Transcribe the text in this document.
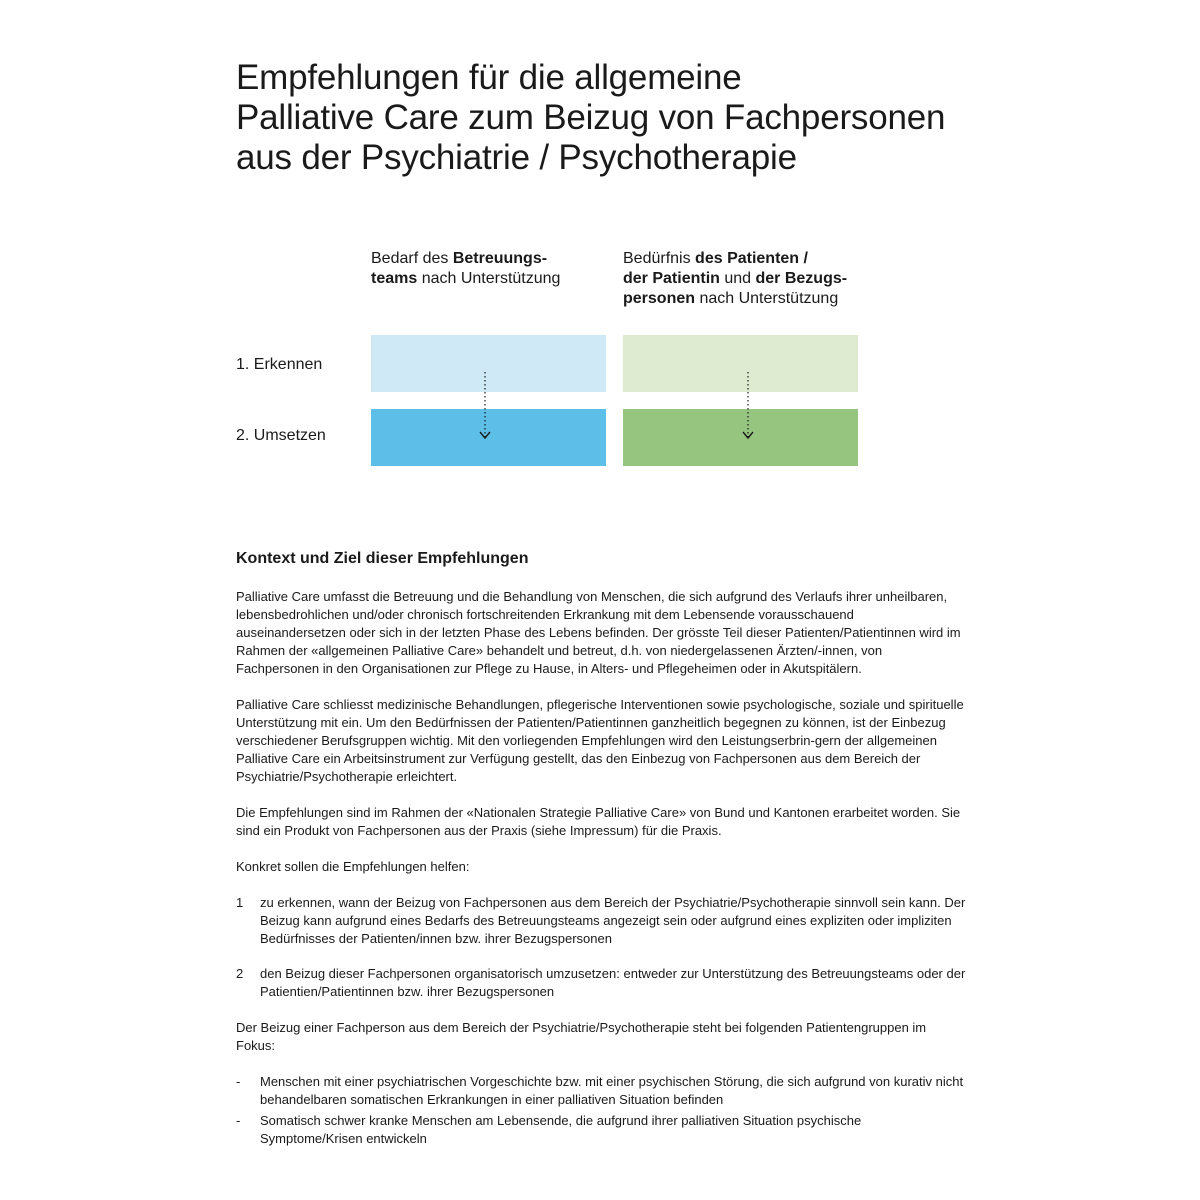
Empfehlungen für die allgemeine
Palliative Care zum Beizug von Fachpersonen
aus der Psychiatrie / Psychotherapie
Bedarf des Betreuungs-
teams nach Unterstützung
Bedürfnis des Patienten /
der Patientin und der Bezugs-
personen nach Unterstützung
1. Erkennen
2. Umsetzen
Kontext und Ziel dieser Empfehlungen

Palliative Care umfasst die Betreuung und die Behandlung von Menschen, die sich aufgrund des Verlaufs ihrer unheilbaren, lebensbedrohlichen und/oder chronisch fortschreitenden Erkrankung mit dem Lebensende vorausschauend auseinandersetzen oder sich in der letzten Phase des Lebens befinden. Der grösste Teil dieser Patienten/Patientinnen wird im Rahmen der «allgemeinen Palliative Care» behandelt und betreut, d.h. von niedergelassenen Ärzten/-innen, von Fachpersonen in den Organisationen zur Pflege zu Hause, in Alters- und Pflegeheimen oder in Akutspitälern.

Palliative Care schliesst medizinische Behandlungen, pflegerische Interventionen sowie psychologische, soziale und spirituelle Unterstützung mit ein. Um den Bedürfnissen der Patienten/Patientinnen ganzheitlich begegnen zu können, ist der Einbezug verschiedener Berufsgruppen wichtig. Mit den vorliegenden Empfehlungen wird den Leistungserbrin-gern der allgemeinen Palliative Care ein Arbeitsinstrument zur Verfügung gestellt, das den Einbezug von Fachpersonen aus dem Bereich der Psychiatrie/Psychotherapie erleichtert.

Die Empfehlungen sind im Rahmen der «Nationalen Strategie Palliative Care» von Bund und Kantonen erarbeitet worden. Sie sind ein Produkt von Fachpersonen aus der Praxis (siehe Impressum) für die Praxis.

Konkret sollen die Empfehlungen helfen:

1 zu erkennen, wann der Beizug von Fachpersonen aus dem Bereich der Psychiatrie/Psychotherapie sinnvoll sein kann. Der Beizug kann aufgrund eines Bedarfs des Betreuungsteams angezeigt sein oder aufgrund eines expliziten oder impliziten Bedürfnisses der Patienten/innen bzw. ihrer Bezugspersonen
2 den Beizug dieser Fachpersonen organisatorisch umzusetzen: entweder zur Unterstützung des Betreuungsteams oder der Patientien/Patientinnen bzw. ihrer Bezugspersonen

Der Beizug einer Fachperson aus dem Bereich der Psychiatrie/Psychotherapie steht bei folgenden Patientengruppen im Fokus:

- Menschen mit einer psychiatrischen Vorgeschichte bzw. mit einer psychischen Störung, die sich aufgrund von kurativ nicht behandelbaren somatischen Erkrankungen in einer palliativen Situation befinden
- Somatisch schwer kranke Menschen am Lebensende, die aufgrund ihrer palliativen Situation psychische Symptome/Krisen entwickeln
